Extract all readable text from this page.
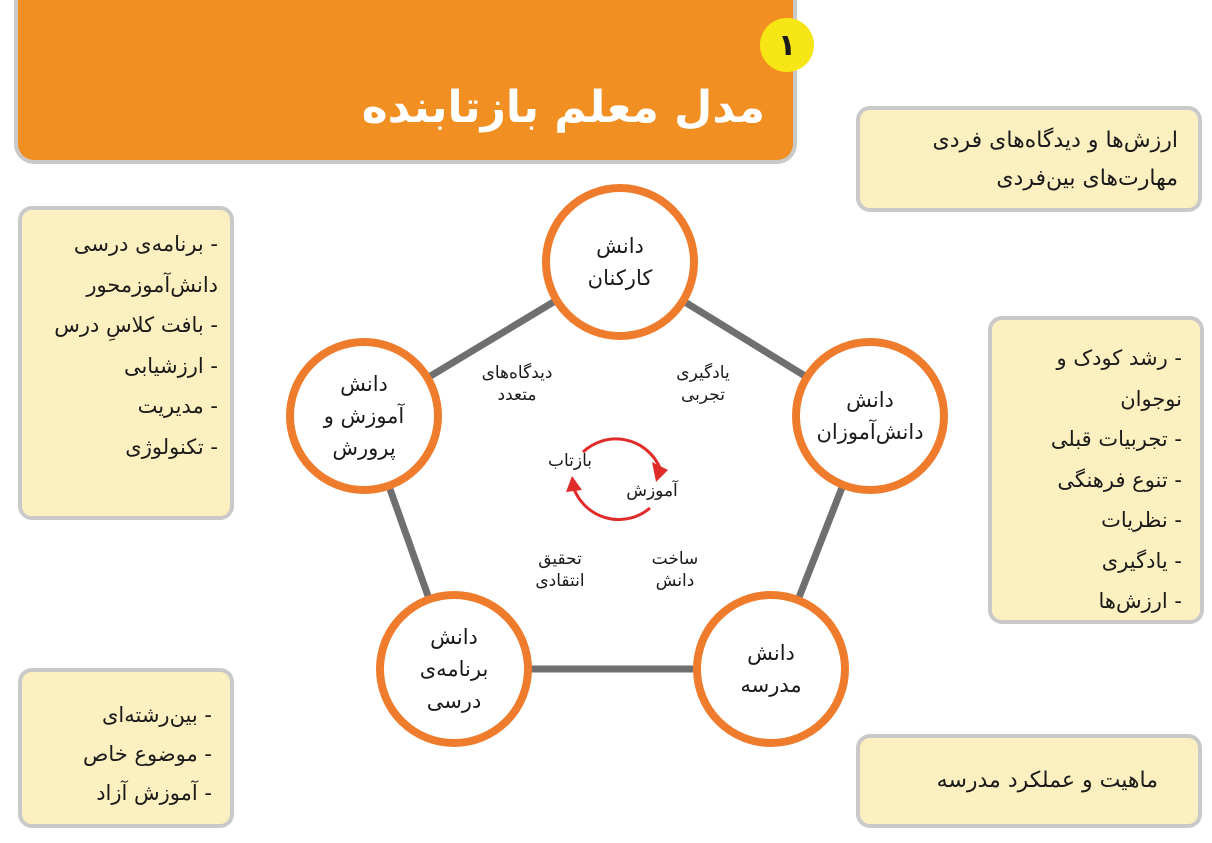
مدل معلم بازتابنده
۱
دانش
کارکنان
دانش
دانش‌آموزان
دانش
مدرسه
دانش
برنامه‌ی
درسی
دانش
آموزش و
پرورش
دیدگاه‌های
متعدد
یادگیری
تجربی
ساخت
دانش
تحقیق
انتقادی
بازتاب
آموزش
ارزش‌ها و دیدگاه‌های فردی
مهارت‌های بین‌فردی
- برنامه‌ی درسی
دانش‌آموزمحور
- بافت کلاسِ درس
- ارزشیابی
- مدیریت
- تکنولوژی
- رشد کودک و
نوجوان
- تجربیات قبلی
- تنوع فرهنگی
- نظریات
- یادگیری
- ارزش‌ها
- بین‌رشته‌ای
- موضوع خاص
- آموزش آزاد	ماهیت و عملکرد مدرسه
